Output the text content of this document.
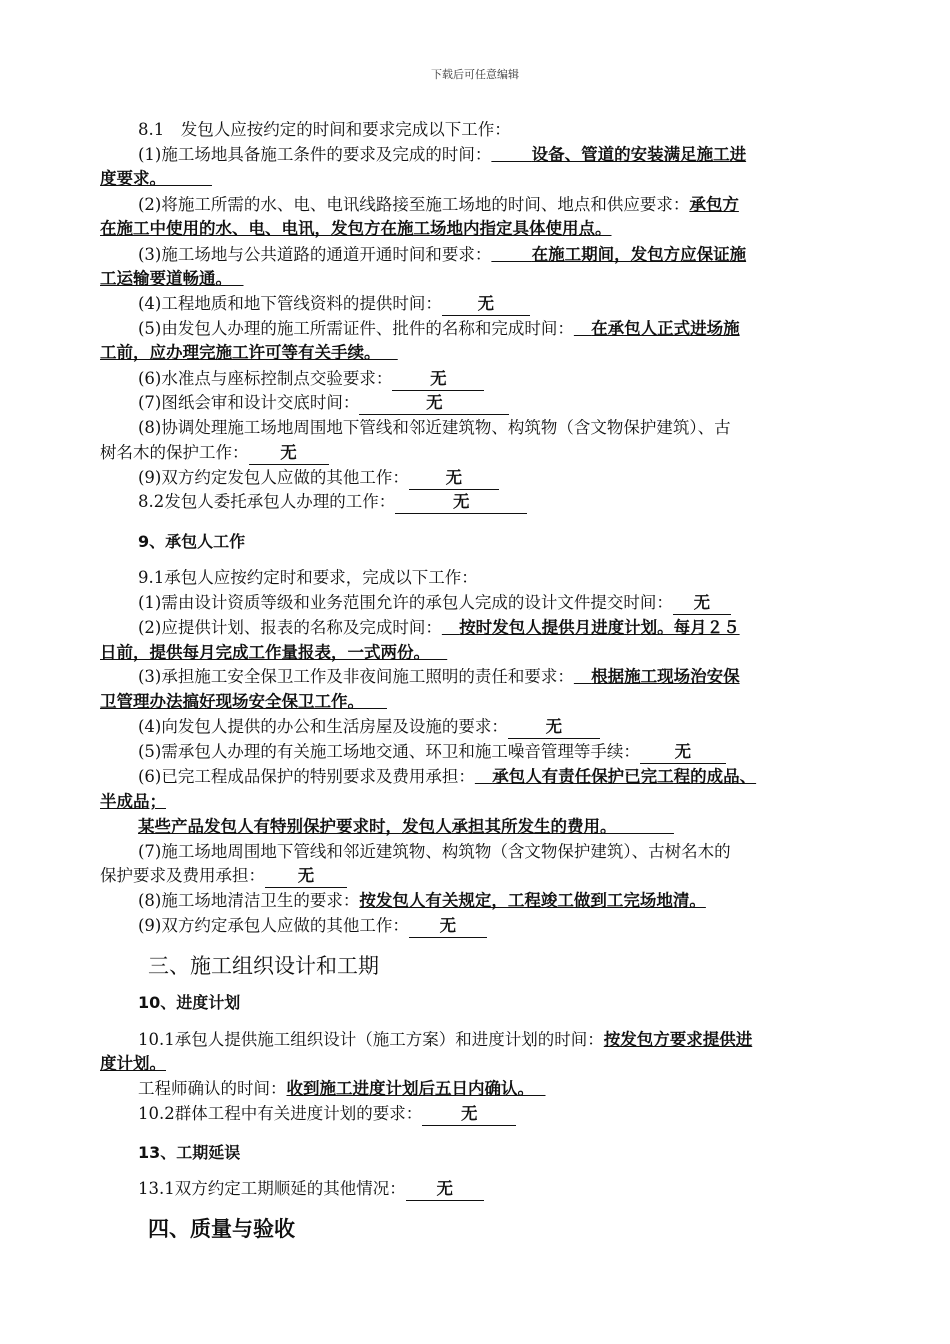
下载后可任意编辑
8.1　发包人应按约定的时间和要求完成以下工作：
(1)施工场地具备施工条件的要求及完成的时间： 设备、管道的安装满足施工进
度要求。
(2)将施工所需的水、电、电讯线路接至施工场地的时间、地点和供应要求：承包方
在施工中使用的水、电、电讯，发包方在施工场地内指定具体使用点。
(3)施工场地与公共道路的通道开通时间和要求： 在施工期间，发包方应保证施
工运输要道畅通。
(4)工程地质和地下管线资料的提供时间： 无
(5)由发包人办理的施工所需证件、批件的名称和完成时间： 在承包人正式进场施
工前，应办理完施工许可等有关手续。
(6)水准点与座标控制点交验要求： 无
(7)图纸会审和设计交底时间：	无
(8)协调处理施工场地周围地下管线和邻近建筑物、构筑物（含文物保护建筑）、古
树名木的保护工作： 无
(9)双方约定发包人应做的其他工作： 无
8.2发包人委托承包人办理的工作：	无
9、承包人工作
9.1承包人应按约定时和要求，完成以下工作：
(1)需由设计资质等级和业务范围允许的承包人完成的设计文件提交时间： 无
(2)应提供计划、报表的名称及完成时间： 按时发包人提供月进度计划。每月２５
日前，提供每月完成工作量报表，一式两份。
(3)承担施工安全保卫工作及非夜间施工照明的责任和要求： 根据施工现场治安保
卫管理办法搞好现场安全保卫工作。
(4)向发包人提供的办公和生活房屋及设施的要求： 无
(5)需承包人办理的有关施工场地交通、环卫和施工噪音管理等手续： 无
(6)已完工程成品保护的特别要求及费用承担： 承包人有责任保护已完工程的成品、
半成品；
某些产品发包人有特别保护要求时，发包人承担其所发生的费用。
(7)施工场地周围地下管线和邻近建筑物、构筑物（含文物保护建筑）、古树名木的
保护要求及费用承担： 无
(8)施工场地清洁卫生的要求：按发包人有关规定，工程竣工做到工完场地清。
(9)双方约定承包人应做的其他工作： 无
三、施工组织设计和工期
10、进度计划
10.1承包人提供施工组织设计（施工方案）和进度计划的时间：按发包方要求提供进
度计划。
工程师确认的时间：收到施工进度计划后五日内确认。
10.2群体工程中有关进度计划的要求： 无
13、工期延误
13.1双方约定工期顺延的其他情况： 无
四、质量与验收
